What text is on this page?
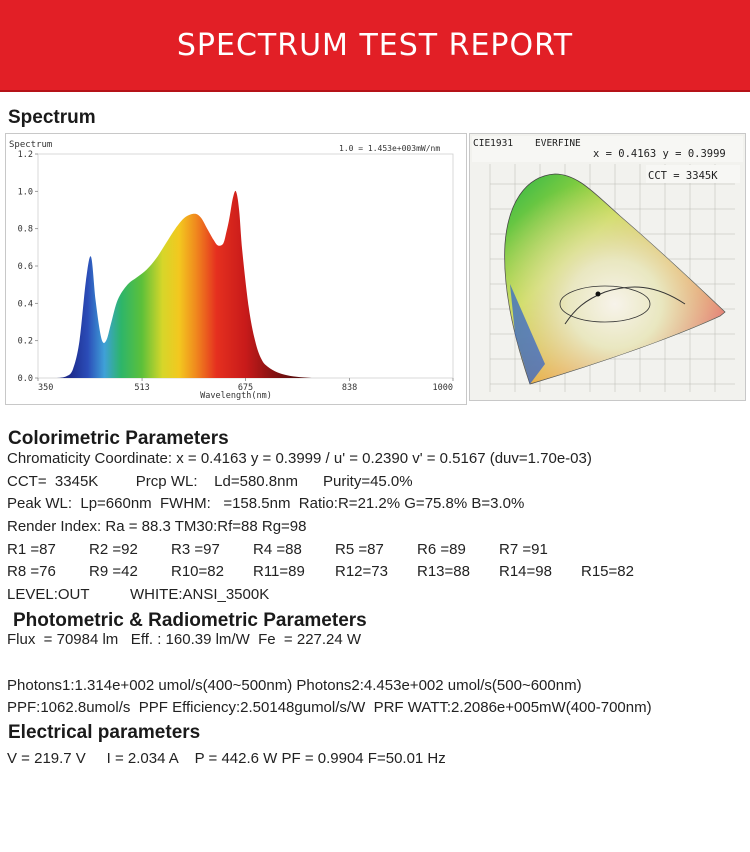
SPECTRUM TEST REPORT
Spectrum
0.0
0.2
0.4
0.6
0.8
1.0
1.2
350	513	675	838	1000
Spectrum	1.0 = 1.453e+003mW/nm
Wavelength(nm)
CIE1931 EVERFINE
x = 0.4163 y = 0.3999
CCT = 3345K
Colorimetric Parameters
Chromaticity Coordinate: x = 0.4163 y = 0.3999 / u' = 0.2390 v' = 0.5167 (duv=1.70e-03)
CCT=  3345K         Prcp WL:    Ld=580.8nm      Purity=45.0%
Peak WL:  Lp=660nm  FWHM:   =158.5nm  Ratio:R=21.2% G=75.8% B=3.0%
Render Index: Ra = 88.3 TM30:Rf=88 Rg=98
R1 =87 R2 =92 R3 =97 R4 =88 R5 =87 R6 =89 R7 =91
R8 =76 R9 =42 R10=82 R11=89 R12=73 R13=88 R14=98 R15=82
LEVEL:OUT	WHITE:ANSI_3500K
Photometric & Radiometric Parameters
Flux  = 70984 lm   Eff. : 160.39 lm/W  Fe  = 227.24 W
Photons1:1.314e+002 umol/s(400~500nm) Photons2:4.453e+002 umol/s(500~600nm)
PPF:1062.8umol/s  PPF Efficiency:2.50148gumol/s/W  PRF WATT:2.2086e+005mW(400-700nm)
Electrical parameters
V = 219.7 V     I = 2.034 A    P = 442.6 W PF = 0.9904 F=50.01 Hz
